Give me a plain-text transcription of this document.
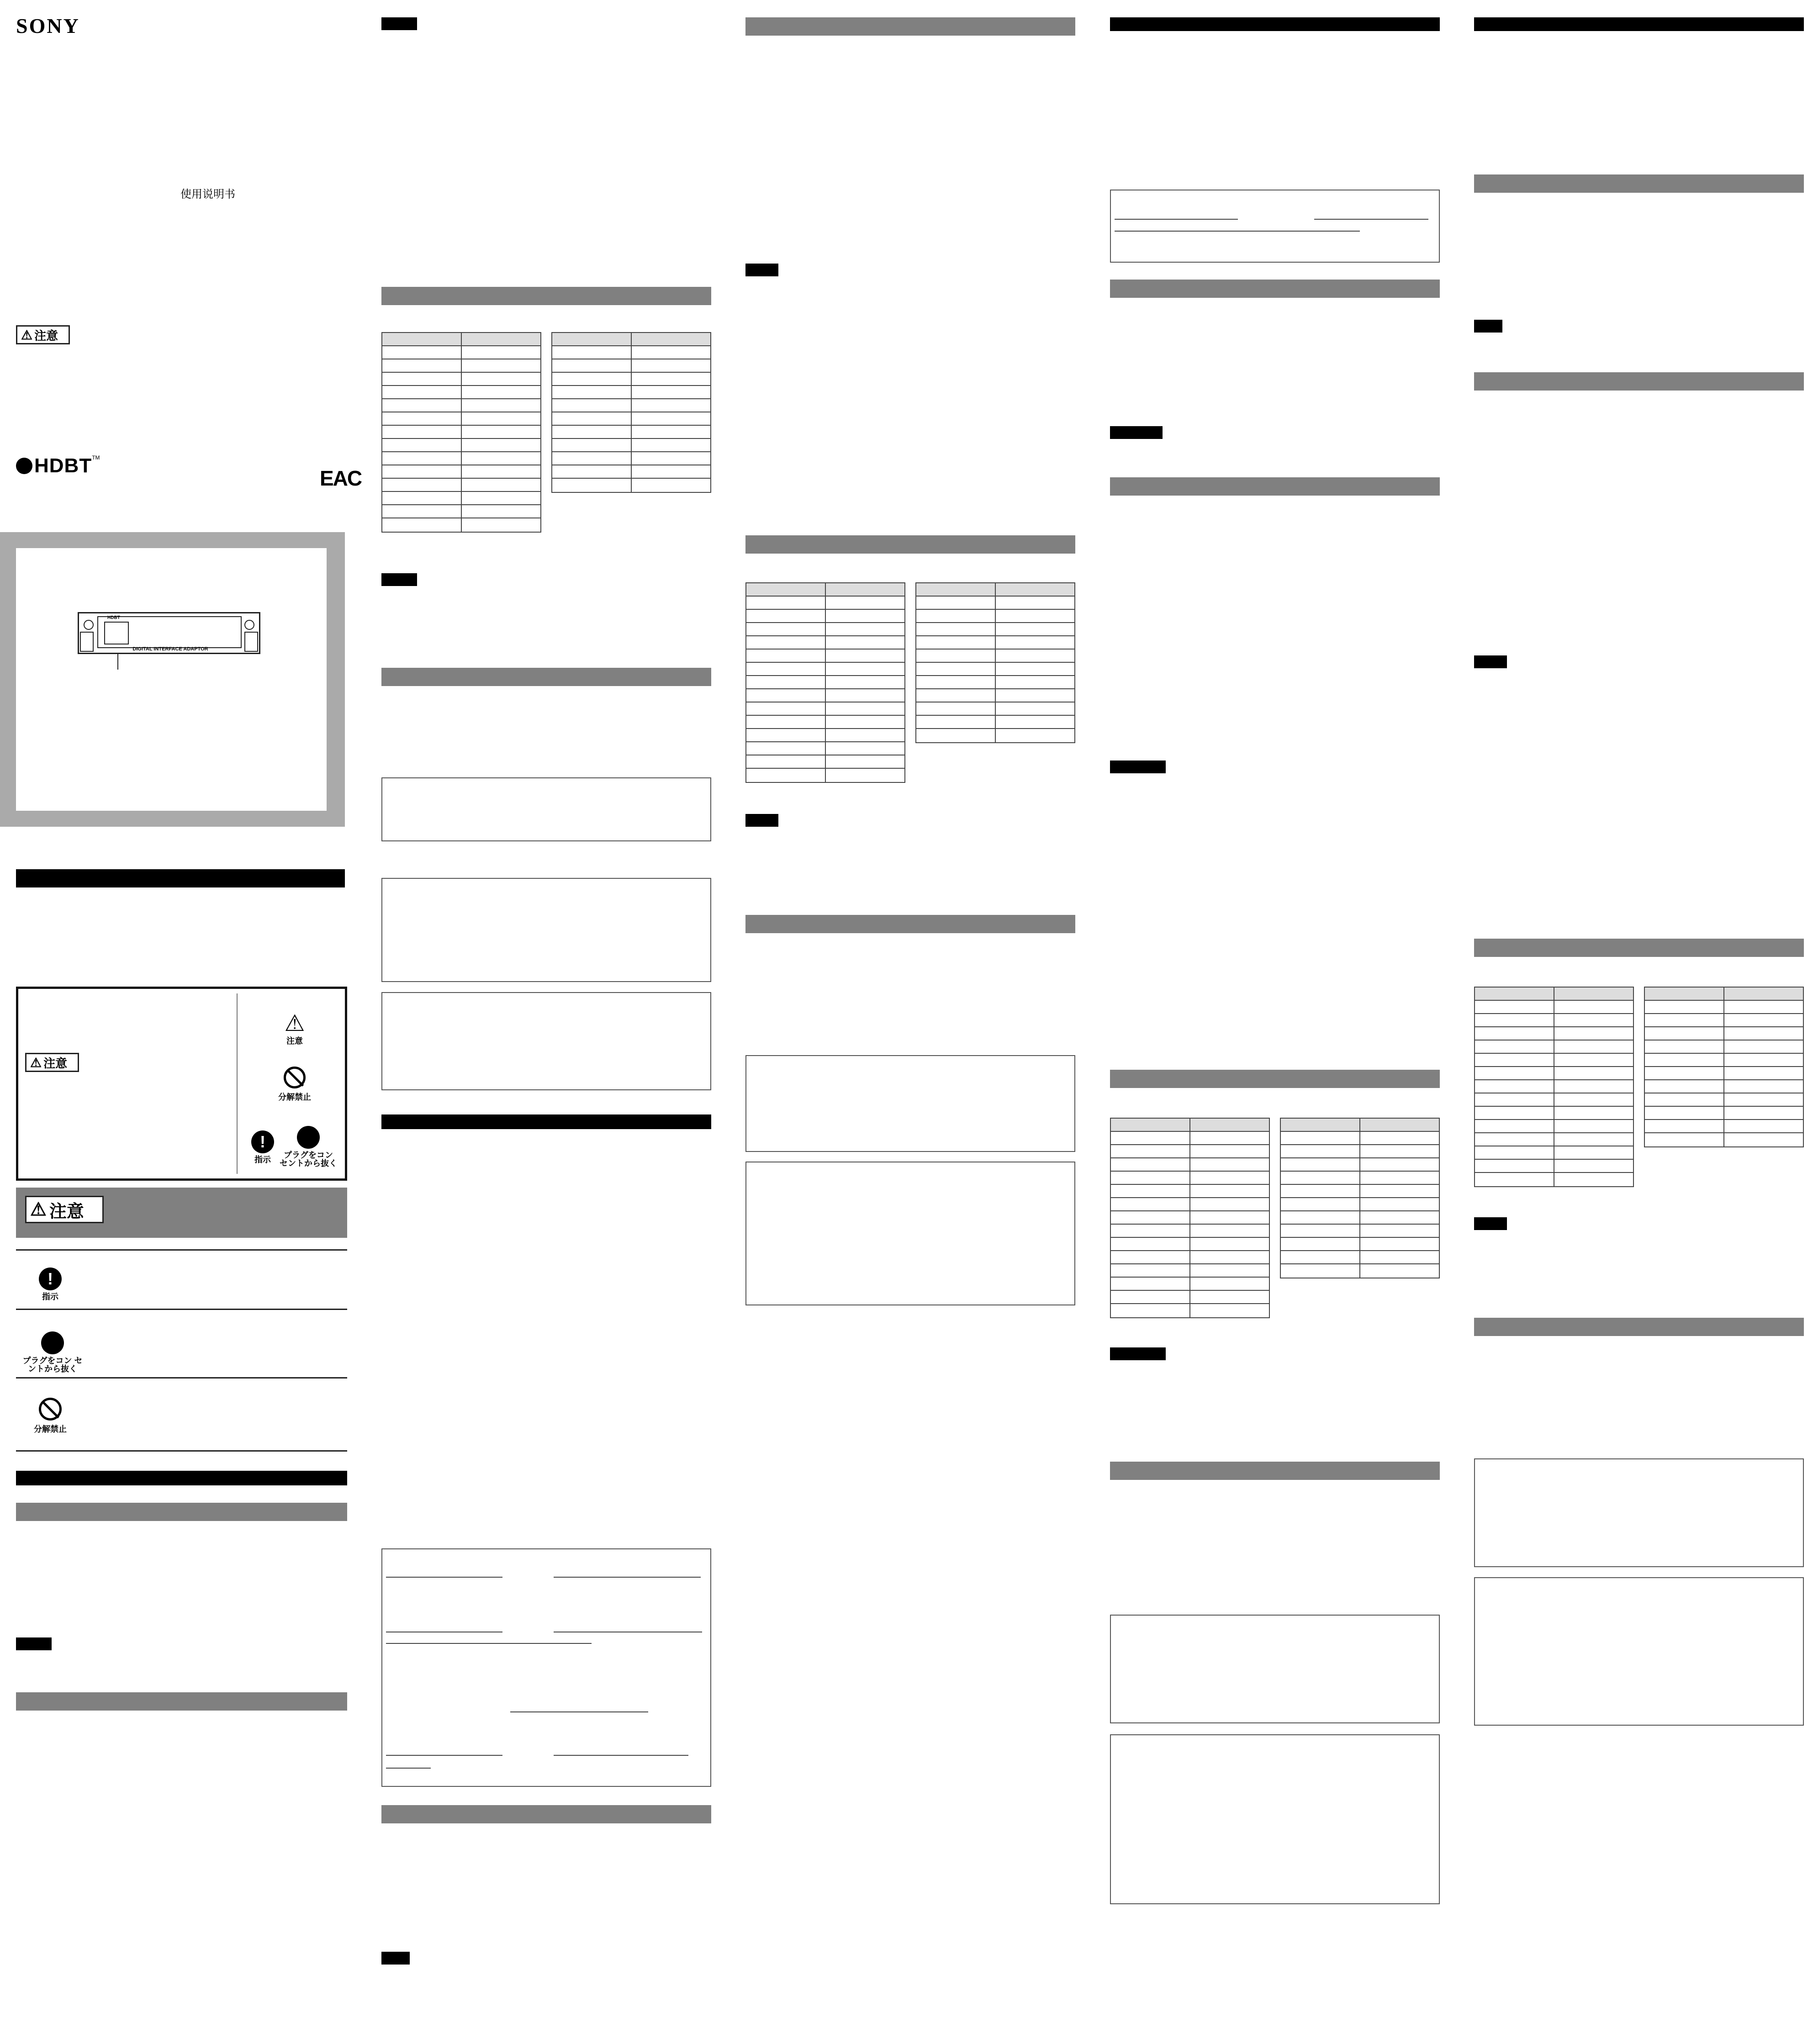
SONY
使用说明书
⚠ 注意
HDBT™
EAC
HDBT
DIGITAL INTERFACE ADAPTOR
⚠ 注意
⚠
注意
分解禁止
!
指示	プラグをコン セントから抜く
⚠ 注意
!
指示
プラグをコン セントから抜く
分解禁止
